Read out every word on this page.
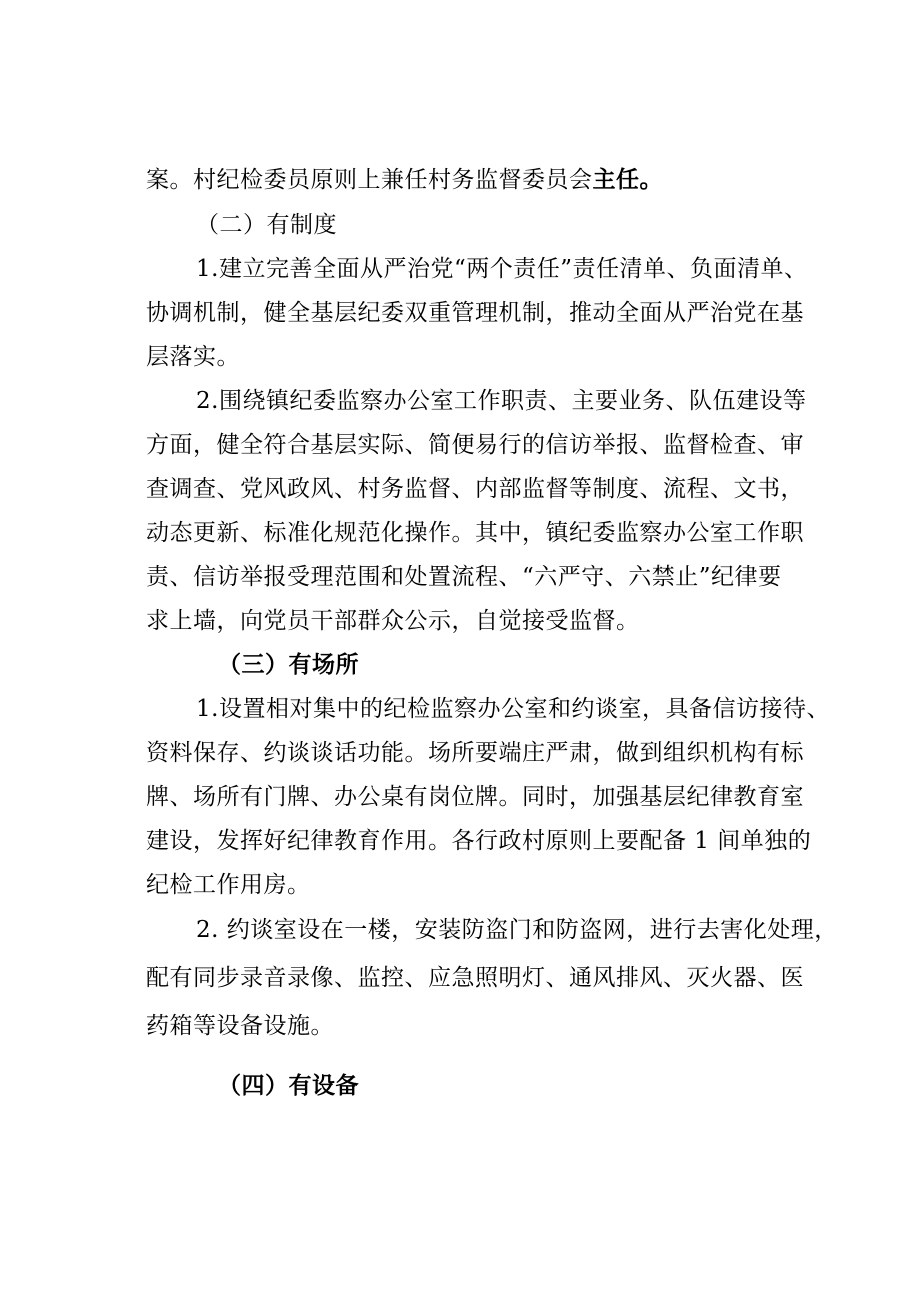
案。村纪检委员原则上兼任村务监督委员会主任。
（二）有制度
1.建立完善全面从严治党“两个责任”责任清单、负面清单、
协调机制，健全基层纪委双重管理机制，推动全面从严治党在基
层落实。
2.围绕镇纪委监察办公室工作职责、主要业务、队伍建设等
方面，健全符合基层实际、简便易行的信访举报、监督检查、审
查调查、党风政风、村务监督、内部监督等制度、流程、文书，
动态更新、标准化规范化操作。其中，镇纪委监察办公室工作职
责、信访举报受理范围和处置流程、“六严守、六禁止”纪律要
求上墙，向党员干部群众公示，自觉接受监督。
（三）有场所
1.设置相对集中的纪检监察办公室和约谈室，具备信访接待、
资料保存、约谈谈话功能。场所要端庄严肃，做到组织机构有标
牌、场所有门牌、办公桌有岗位牌。同时，加强基层纪律教育室
建设，发挥好纪律教育作用。各行政村原则上要配备 1 间单独的
纪检工作用房。
2. 约谈室设在一楼，安装防盗门和防盗网，进行去害化处理，
配有同步录音录像、监控、应急照明灯、通风排风、灭火器、医
药箱等设备设施。
（四）有设备
